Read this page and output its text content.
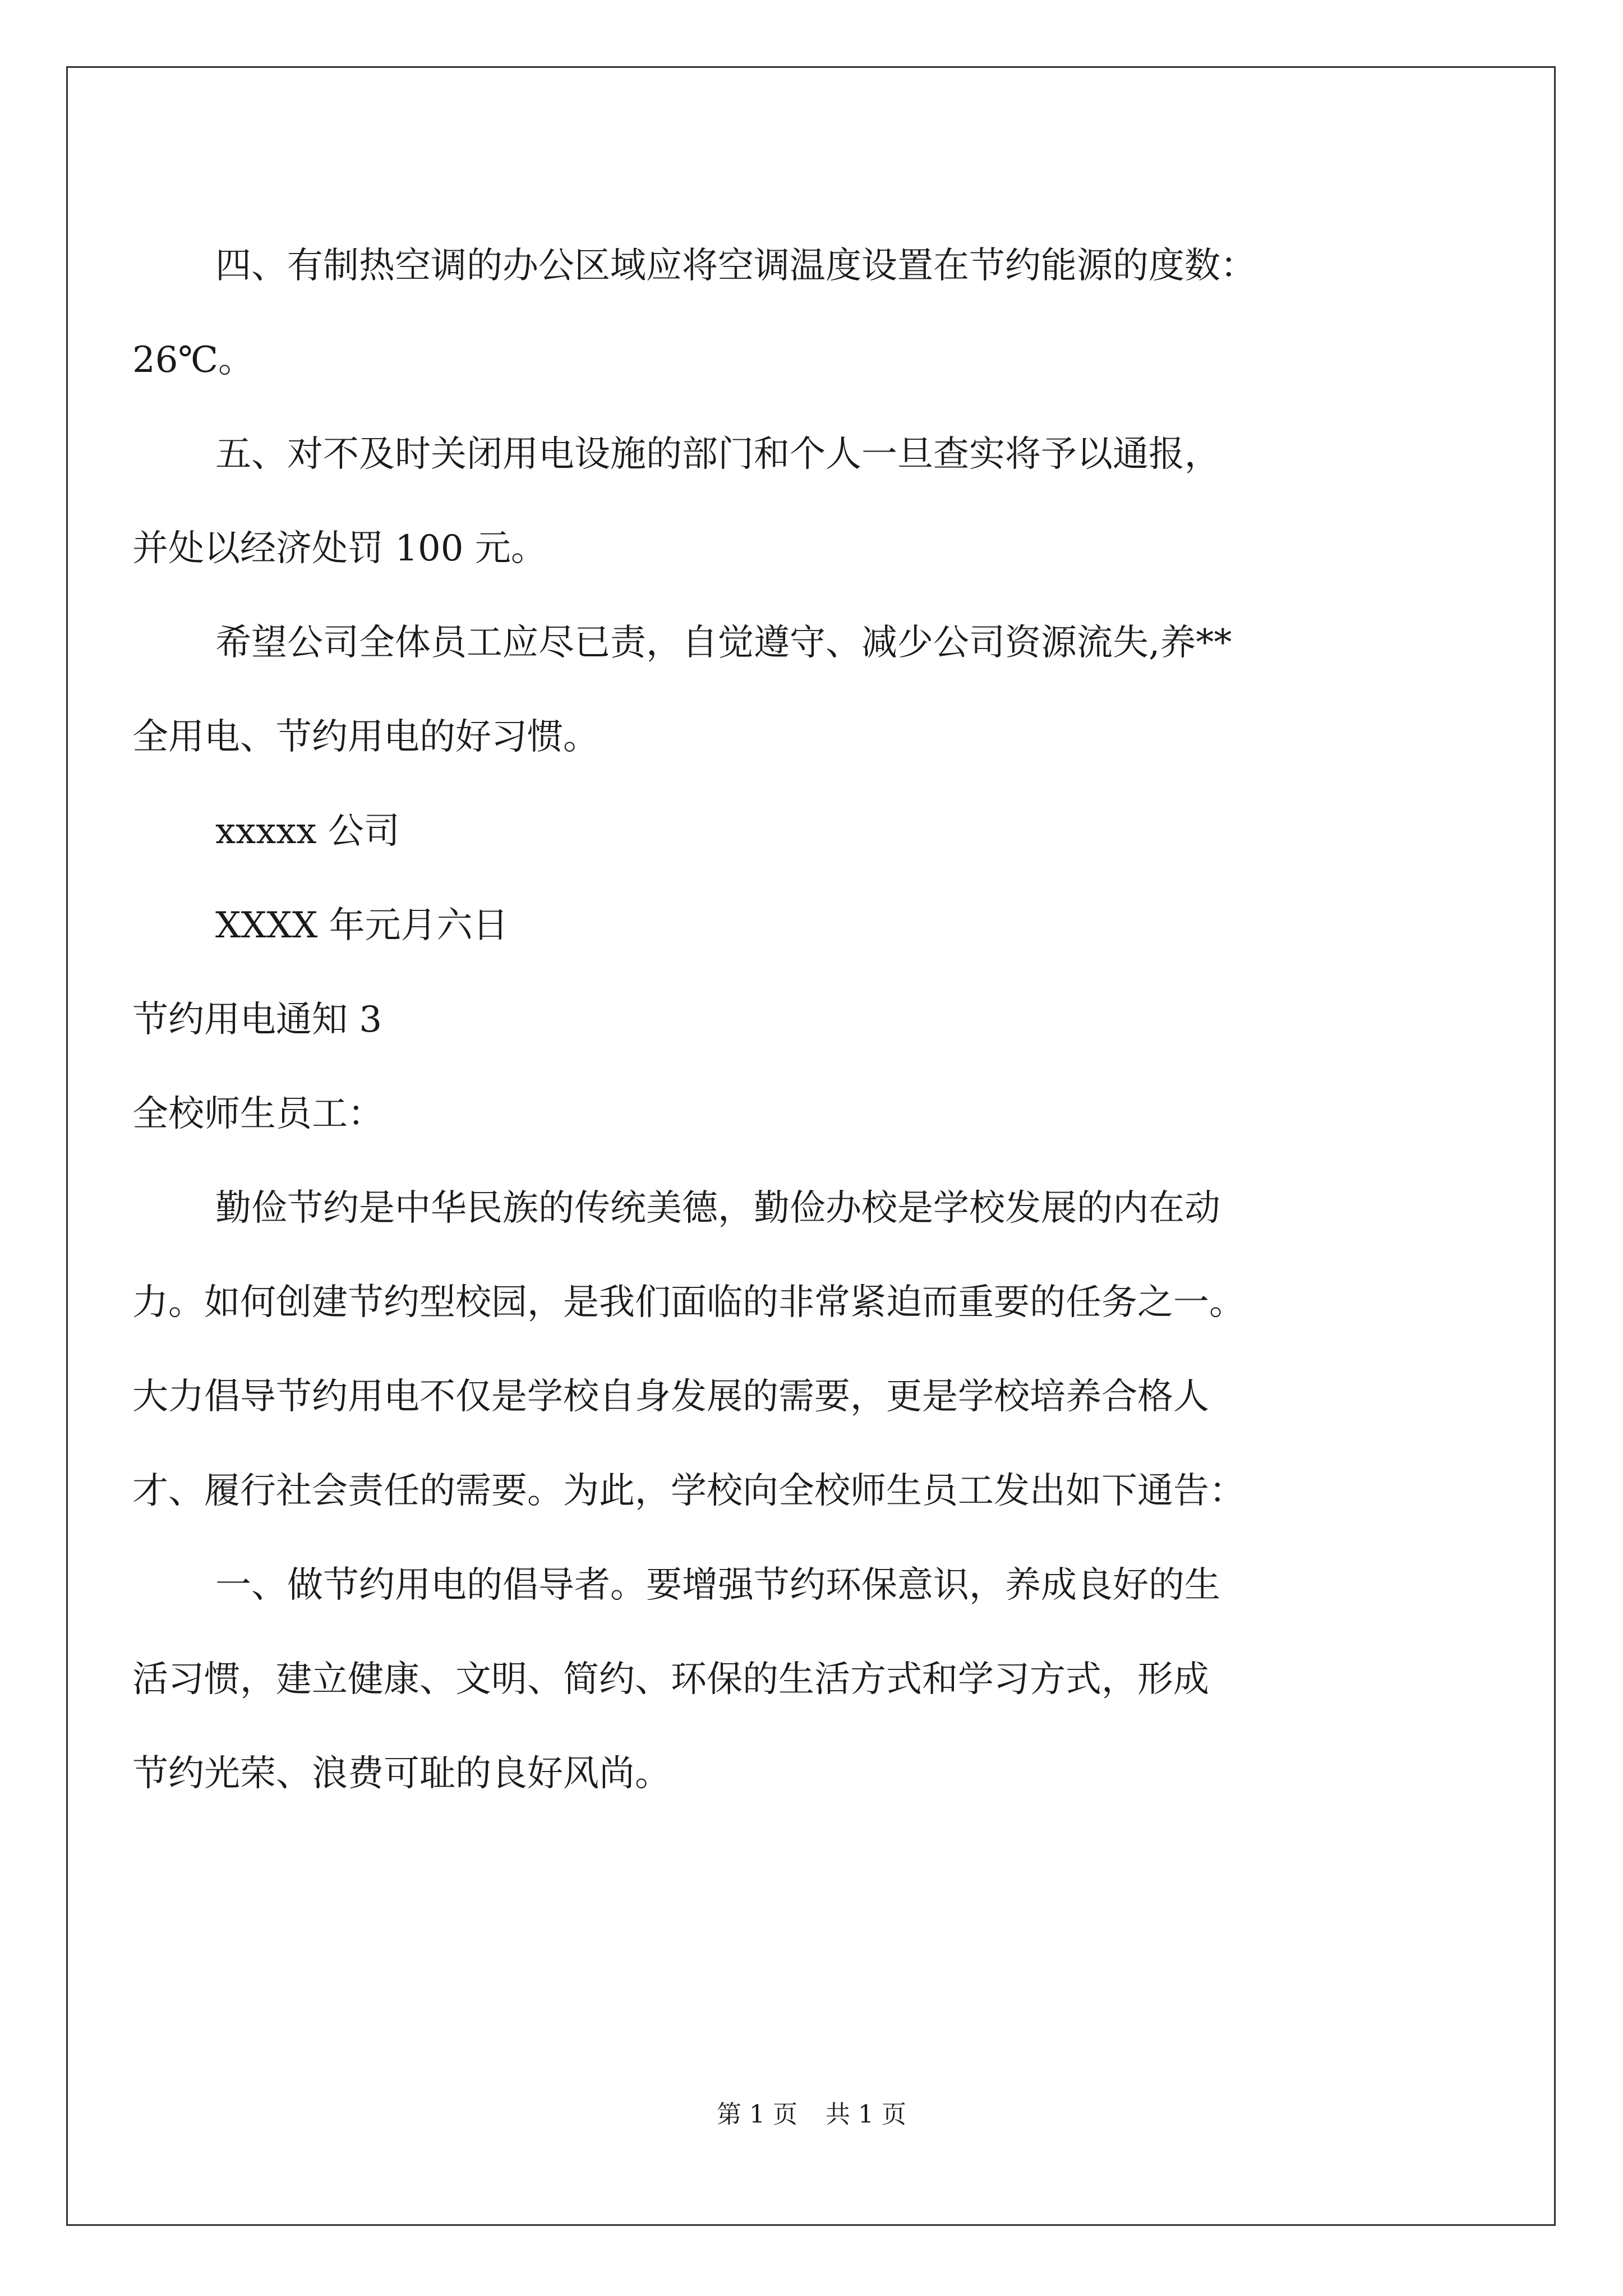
四、有制热空调的办公区域应将空调温度设置在节约能源的度数：
26℃。
五、对不及时关闭用电设施的部门和个人一旦查实将予以通报，
并处以经济处罚 100 元。
希望公司全体员工应尽已责，自觉遵守、减少公司资源流失,养**
全用电、节约用电的好习惯。
xxxxx 公司
XXXX 年元月六日
节约用电通知 3
全校师生员工：
勤俭节约是中华民族的传统美德，勤俭办校是学校发展的内在动
力。如何创建节约型校园，是我们面临的非常紧迫而重要的任务之一。
大力倡导节约用电不仅是学校自身发展的需要，更是学校培养合格人
才、履行社会责任的需要。为此，学校向全校师生员工发出如下通告：
一、做节约用电的倡导者。要增强节约环保意识，养成良好的生
活习惯，建立健康、文明、简约、环保的生活方式和学习方式，形成
节约光荣、浪费可耻的良好风尚。
第 1 页 共 1 页
